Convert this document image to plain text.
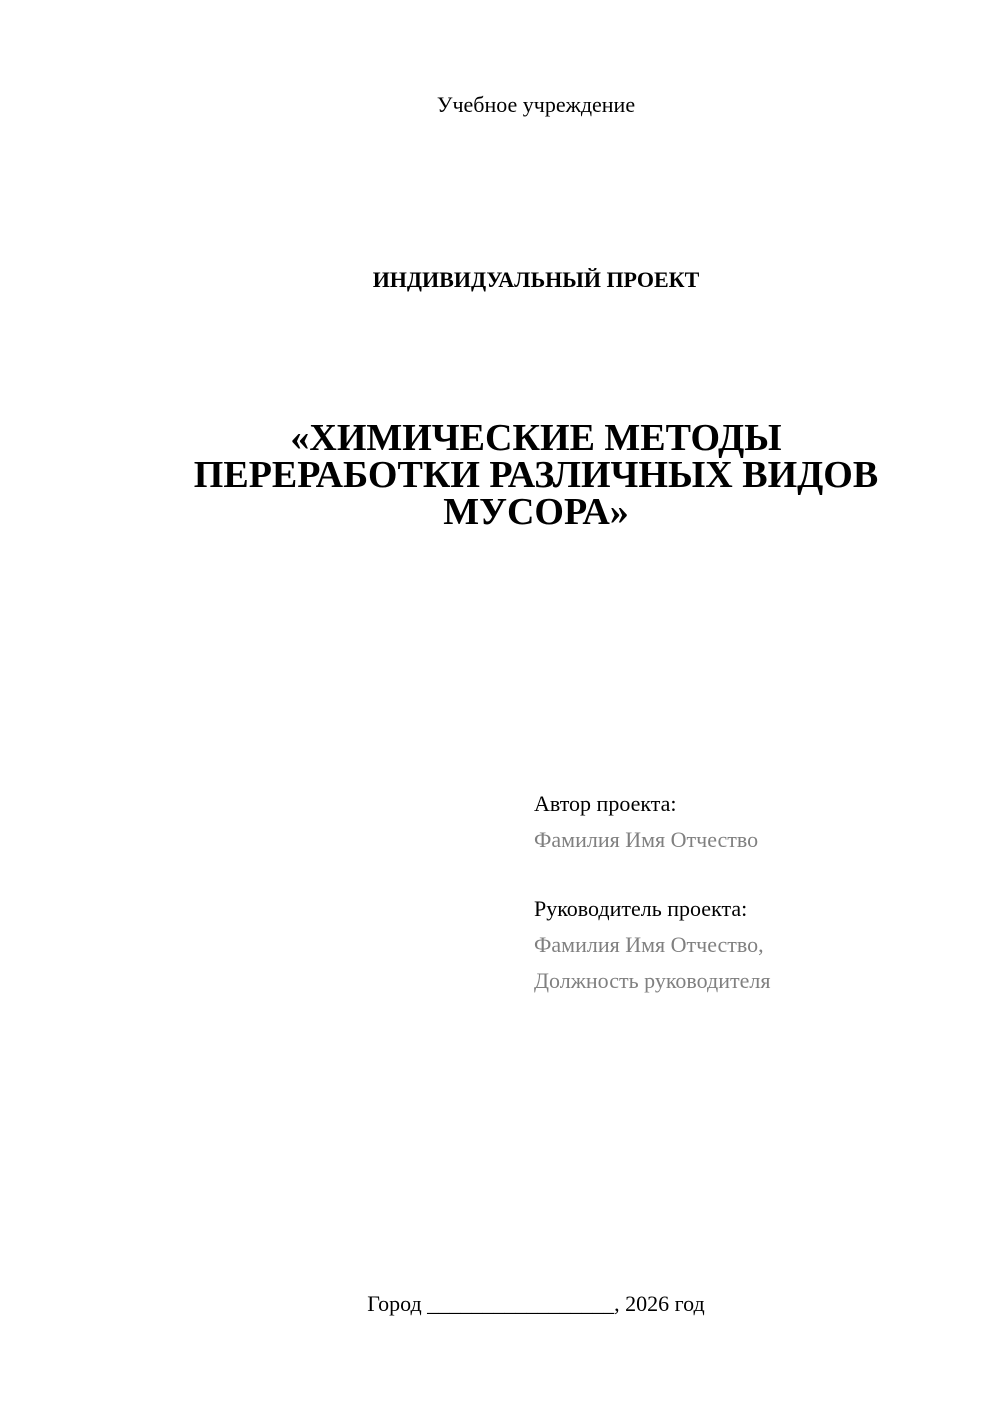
Учебное учреждение
ИНДИВИДУАЛЬНЫЙ ПРОЕКТ
«ХИМИЧЕСКИЕ МЕТОДЫ
ПЕРЕРАБОТКИ РАЗЛИЧНЫХ ВИДОВ
МУСОРА»
Автор проекта:
Фамилия Имя Отчество
Руководитель проекта:
Фамилия Имя Отчество,
Должность руководителя
Город _________________, 2026 год
